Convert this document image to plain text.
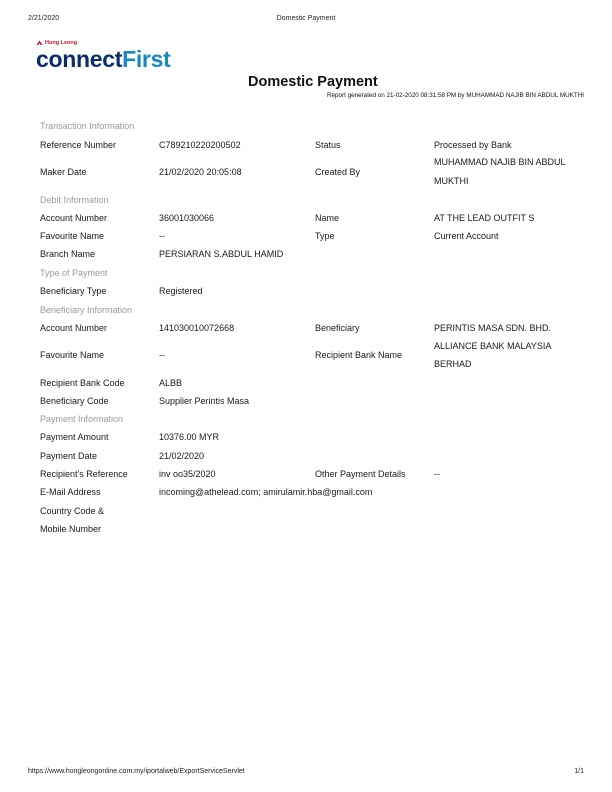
2/21/2020	Domestic Payment
Hong Leong
connectFirst
Domestic Payment
Report generated on 21-02-2020 08:31:58 PM by MUHAMMAD NAJIB BIN ABDUL MUKTHI
Transaction Information
Reference Number	C789210220200502	Status	Processed by Bank
Maker Date	21/02/2020 20:05:08	Created By
MUHAMMAD NAJIB BIN ABDUL
MUKTHI
Debit Information
Account Number	36001030066	Name	AT THE LEAD OUTFIT S
Favourite Name	--	Type	Current Account
Branch Name	PERSIARAN S.ABDUL HAMID
Type of Payment
Beneficiary Type	Registered
Beneficiary Information
Account Number	14103001007266​8	Beneficiary	PERINTIS MASA SDN. BHD.
Favourite Name	--	Recipient Bank Name
ALLIANCE BANK MALAYSIA
BERHAD
Recipient Bank Code	ALBB
Beneficiary Code	Supplier Perintis Masa
Payment Information
Payment Amount	10376.00 MYR
Payment Date	21/02/2020
Recipient's Reference	inv oo35/2020	Other Payment Details	--
E-Mail Address	incoming@athelead.com; amirulamir.hba@gmail.com
Country Code &
Mobile Number
https://www.hongleongonline.com.my/iportalweb/ExportServiceServlet	1/1
